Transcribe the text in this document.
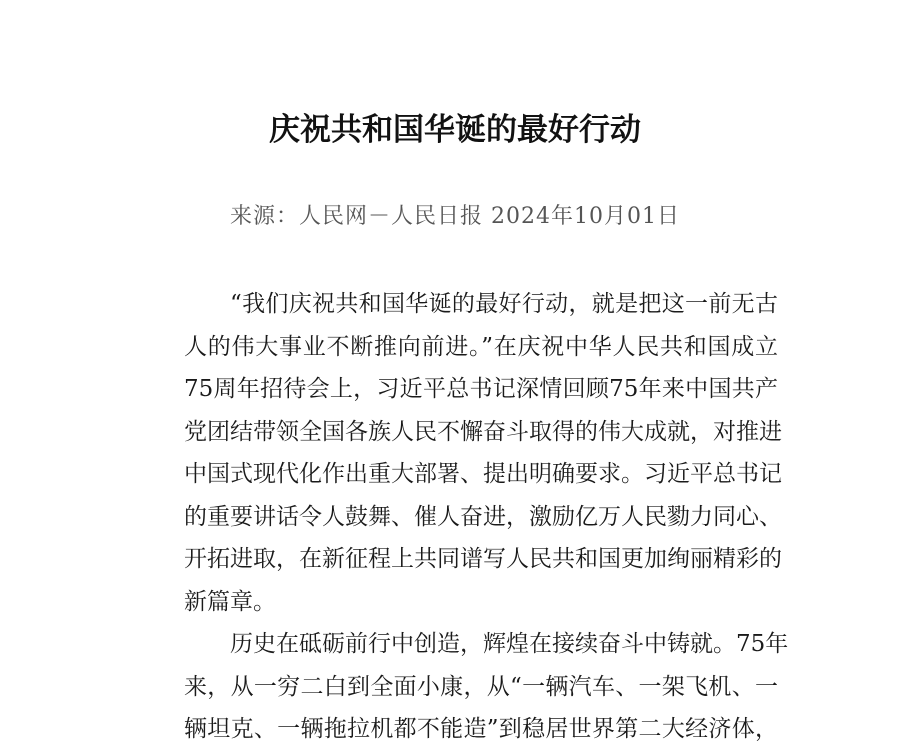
庆祝共和国华诞的最好行动
来源：人民网－人民日报 2024年10月01日
“我们庆祝共和国华诞的最好行动，就是把这一前无古
人的伟大事业不断推向前进。”在庆祝中华人民共和国成立
75周年招待会上，习近平总书记深情回顾75年来中国共产
党团结带领全国各族人民不懈奋斗取得的伟大成就，对推进
中国式现代化作出重大部署、提出明确要求。习近平总书记
的重要讲话令人鼓舞、催人奋进，激励亿万人民勠力同心、
开拓进取，在新征程上共同谱写人民共和国更加绚丽精彩的
新篇章。
历史在砥砺前行中创造，辉煌在接续奋斗中铸就。75年
来，从一穷二白到全面小康，从“一辆汽车、一架飞机、一
辆坦克、一辆拖拉机都不能造”到稳居世界第二大经济体，
